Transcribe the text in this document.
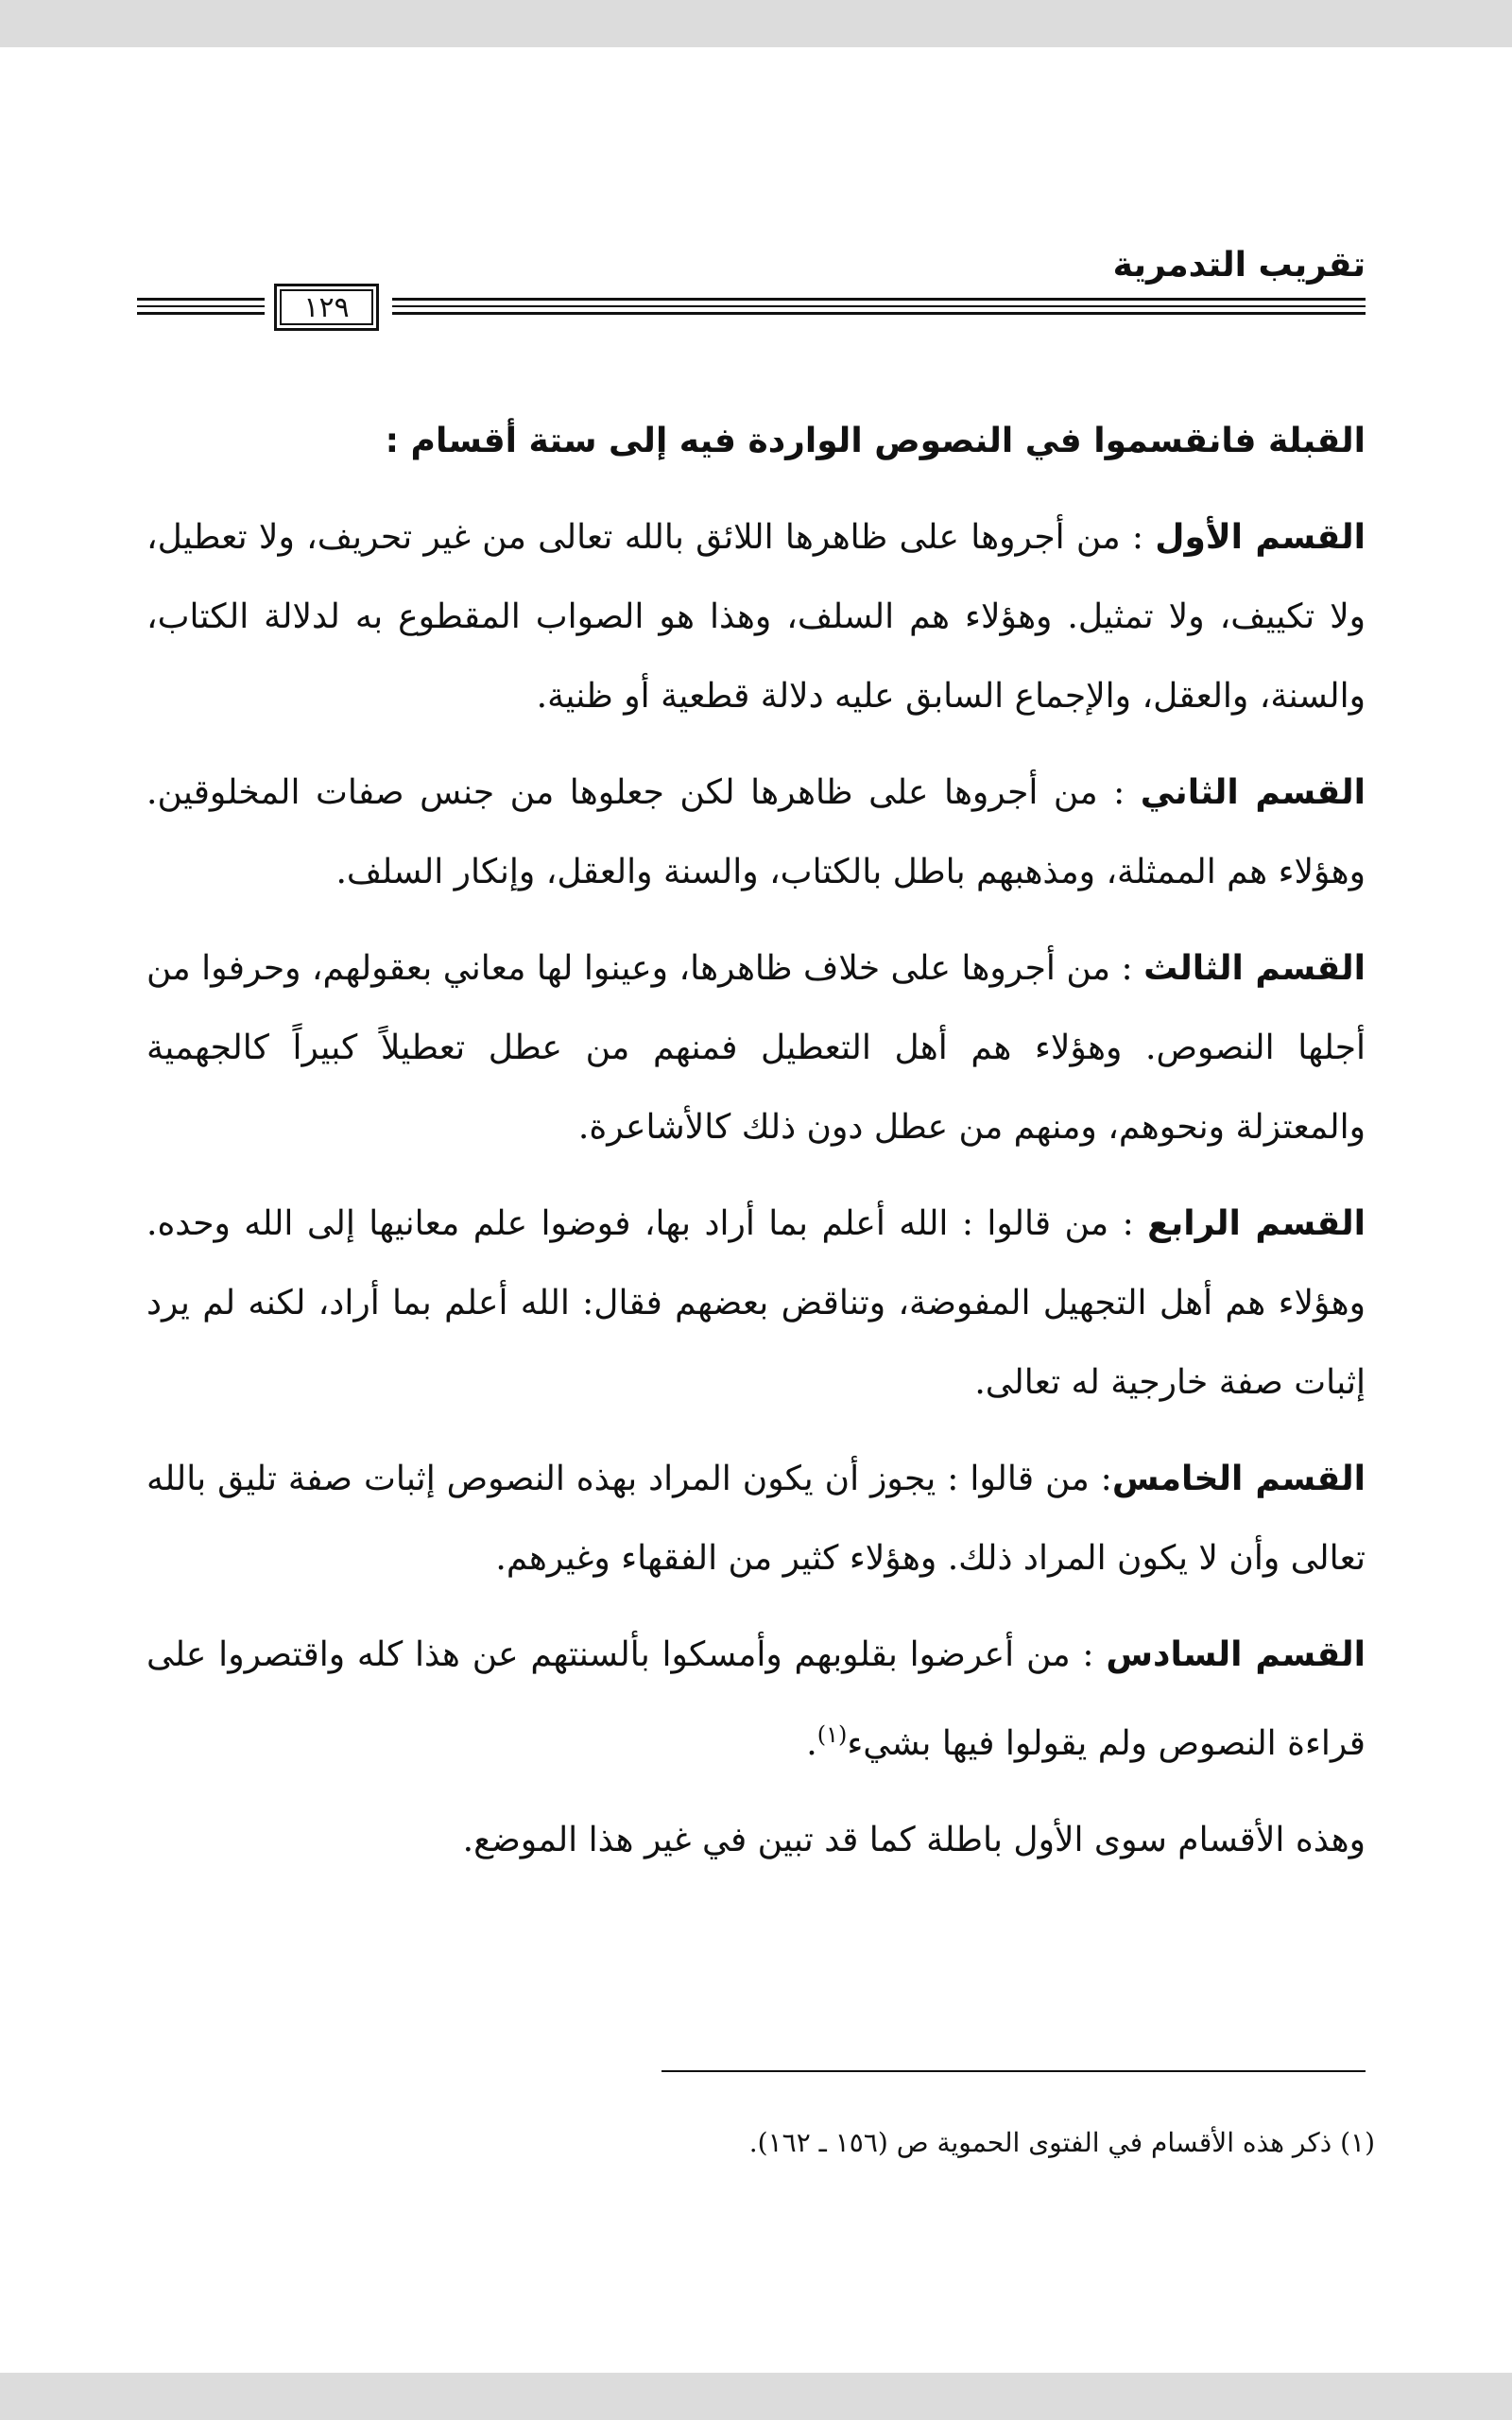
تقريب التدمرية
١٢٩

القبلة فانقسموا في النصوص الواردة فيه إلى ستة أقسام :

القسم الأول : من أجروها على ظاهرها اللائق بالله تعالى من غير تحريف، ولا تعطيل، ولا تكييف، ولا تمثيل. وهؤلاء هم السلف، وهذا هو الصواب المقطوع به لدلالة الكتاب، والسنة، والعقل، والإجماع السابق عليه دلالة قطعية أو ظنية.

القسم الثاني : من أجروها على ظاهرها لكن جعلوها من جنس صفات المخلوقين. وهؤلاء هم الممثلة، ومذهبهم باطل بالكتاب، والسنة والعقل، وإنكار السلف.

القسم الثالث : من أجروها على خلاف ظاهرها، وعينوا لها معاني بعقولهم، وحرفوا من أجلها النصوص. وهؤلاء هم أهل التعطيل فمنهم من عطل تعطيلاً كبيراً كالجهمية والمعتزلة ونحوهم، ومنهم من عطل دون ذلك كالأشاعرة.

القسم الرابع : من قالوا : الله أعلم بما أراد بها، فوضوا علم معانيها إلى الله وحده. وهؤلاء هم أهل التجهيل المفوضة، وتناقض بعضهم فقال: الله أعلم بما أراد، لكنه لم يرد إثبات صفة خارجية له تعالى.

القسم الخامس: من قالوا : يجوز أن يكون المراد بهذه النصوص إثبات صفة تليق بالله تعالى وأن لا يكون المراد ذلك. وهؤلاء كثير من الفقهاء وغيرهم.

القسم السادس : من أعرضوا بقلوبهم وأمسكوا بألسنتهم عن هذا كله واقتصروا على قراءة النصوص ولم يقولوا فيها بشيء$^{(١)}$.

وهذه الأقسام سوى الأول باطلة كما قد تبين في غير هذا الموضع.

(١) ذكر هذه الأقسام في الفتوى الحموية ص (١٥٦ ـ ١٦٢).
